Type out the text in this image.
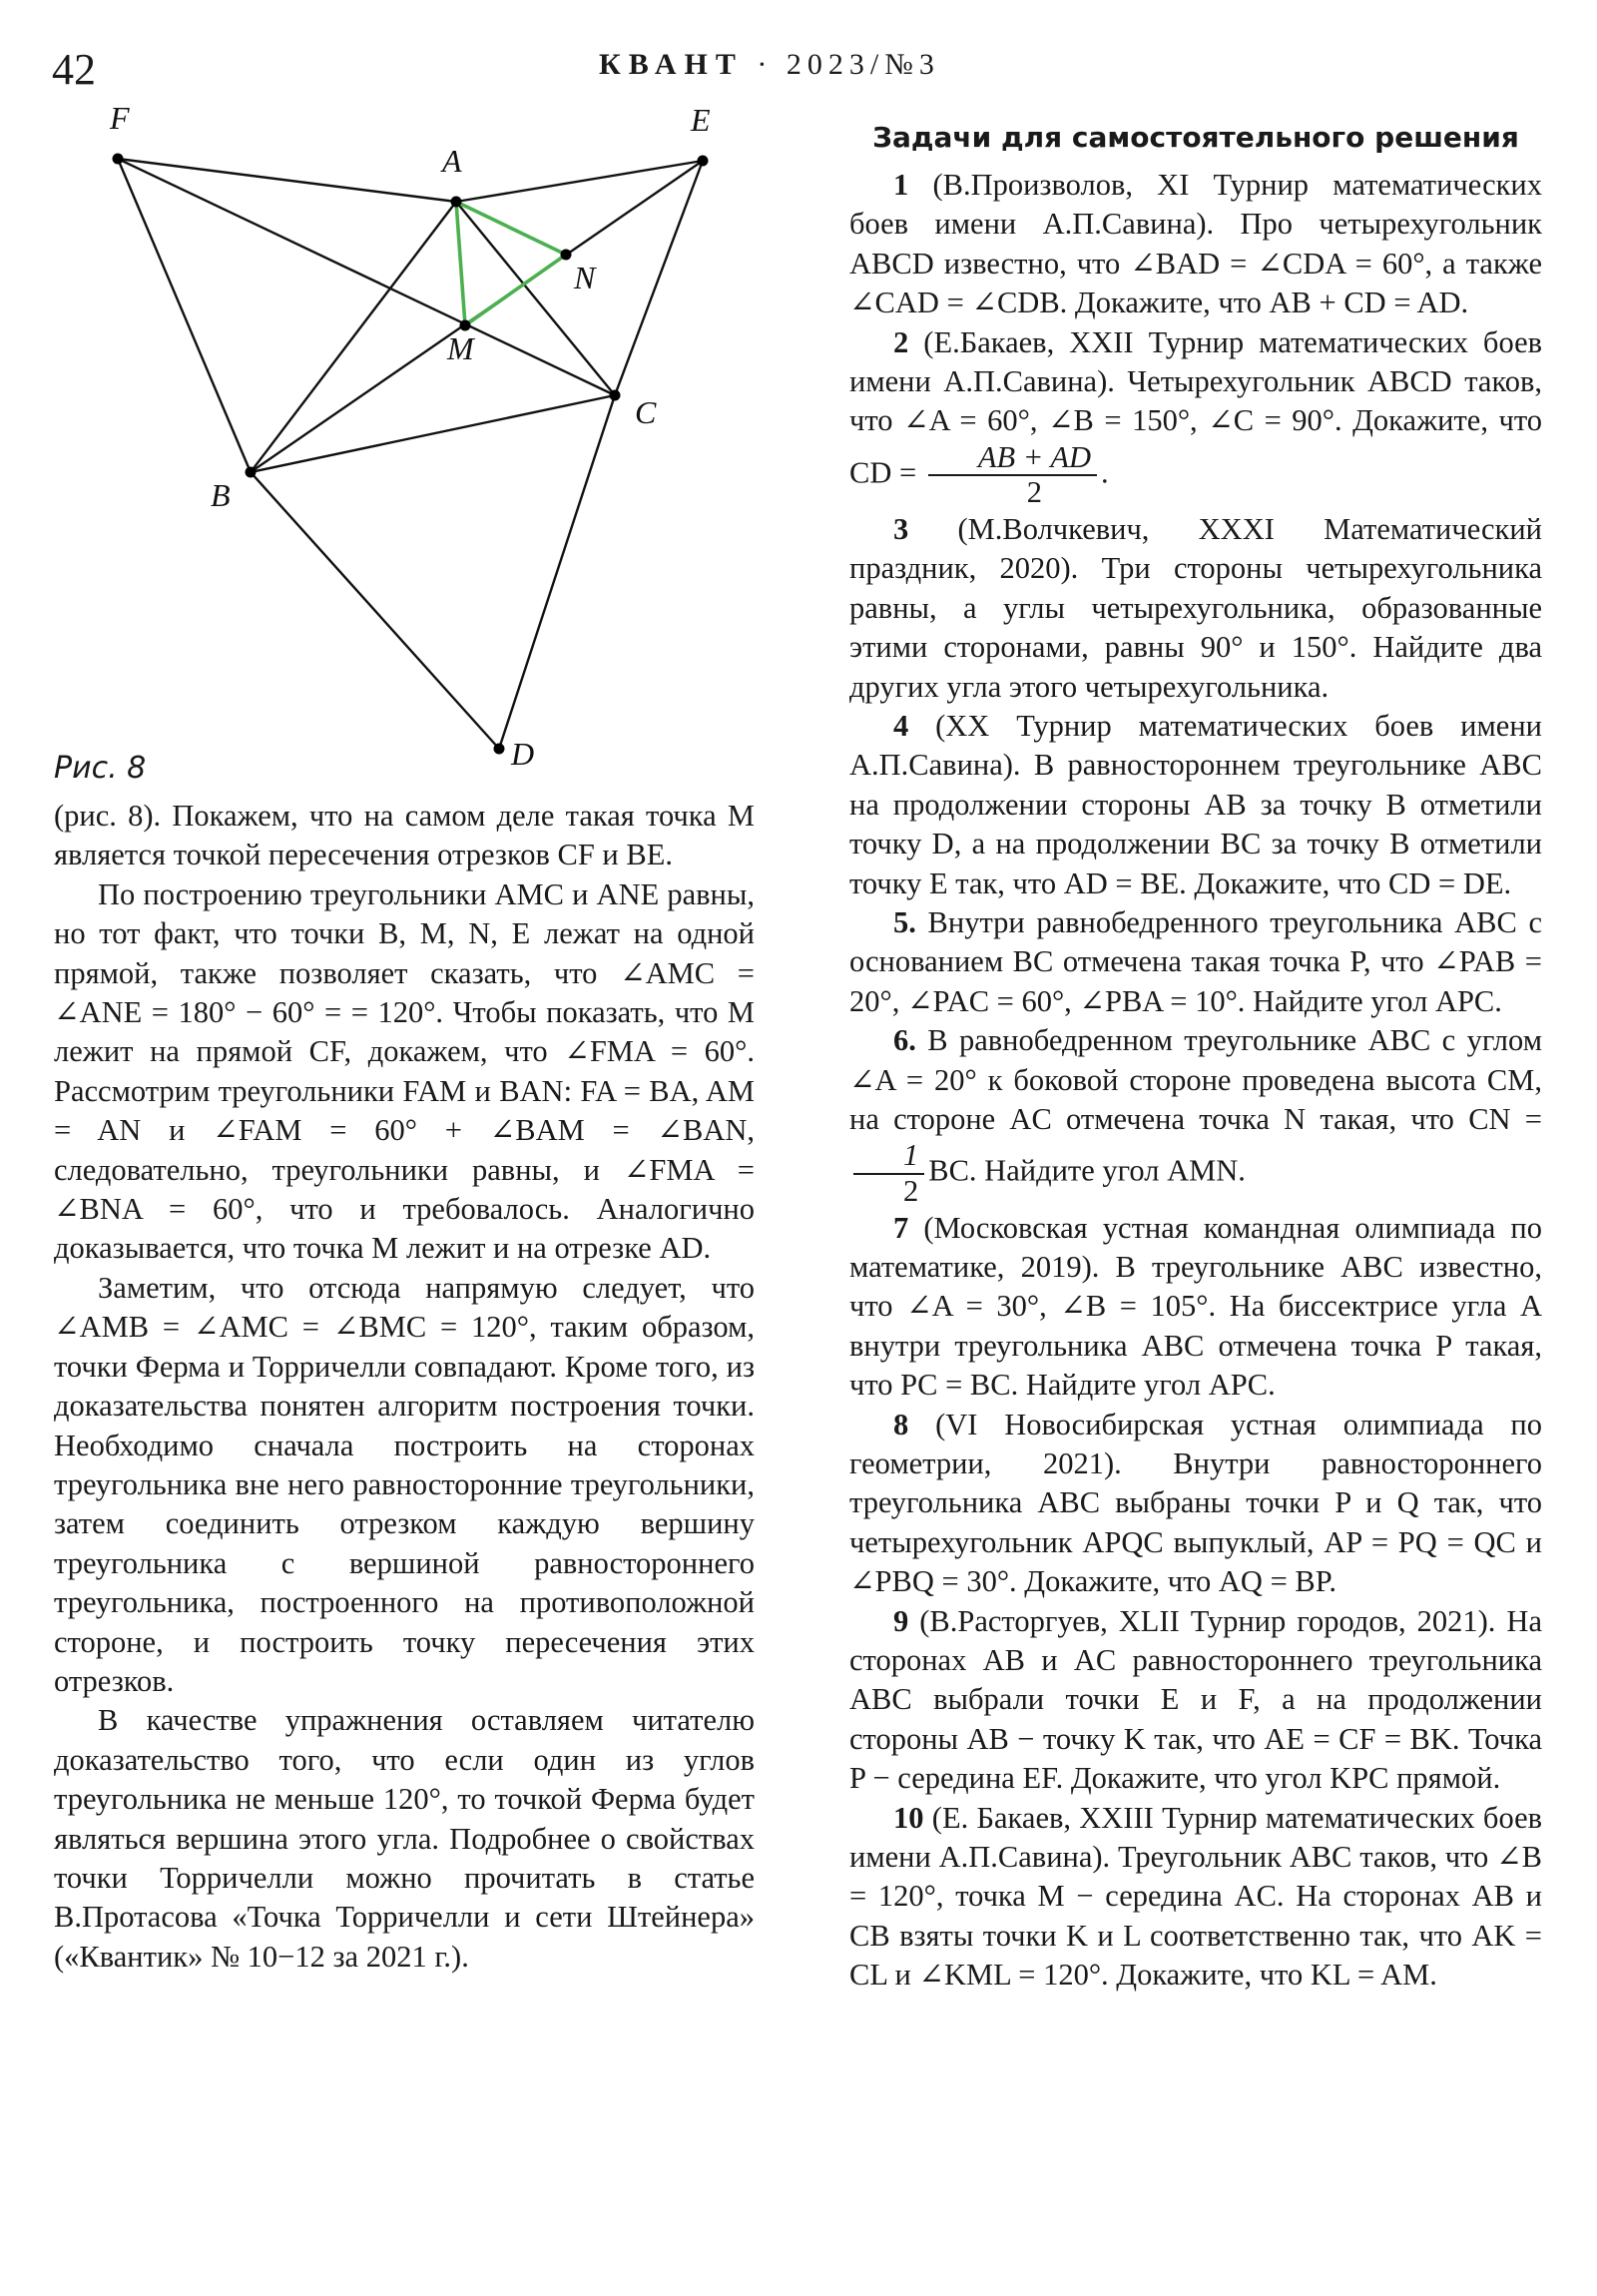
42	КВАНТ · 2023/№3
F	E
A
N
M
C
B
D
Рис. 8

(рис. 8). Покажем, что на самом деле такая точка M является точкой пересечения отрезков CF и BE.

По построению треугольники AMC и ANE равны, но тот факт, что точки B, M, N, E лежат на одной прямой, также позволяет сказать, что ∠AMC = ∠ANE = 180° − 60° = = 120°. Чтобы показать, что M лежит на прямой CF, докажем, что ∠FMA = 60°. Рассмотрим треугольники FAM и BAN: FA = BA, AM = AN и ∠FAM = 60° + ∠BAM = ∠BAN, следовательно, треугольники равны, и ∠FMA = ∠BNA = 60°, что и требовалось. Аналогично доказывается, что точка M лежит и на отрезке AD.

Заметим, что отсюда напрямую следует, что ∠AMB = ∠AMC = ∠BMC = 120°, таким образом, точки Ферма и Торричелли совпадают. Кроме того, из доказательства понятен алгоритм построения точки. Необходимо сначала построить на сторонах треугольника вне него равносторонние треугольники, затем соединить отрезком каждую вершину треугольника с вершиной равностороннего треугольника, построенного на противоположной стороне, и построить точку пересечения этих отрезков.

В качестве упражнения оставляем читателю доказательство того, что если один из углов треугольника не меньше 120°, то точкой Ферма будет являться вершина этого угла. Подробнее о свойствах точки Торричелли можно прочитать в статье В.Протасова «Точка Торричелли и сети Штейнера» («Квантик» № 10−12 за 2021 г.).

Задачи для самостоятельного решения

1 (В.Произволов, XI Турнир математических боев имени А.П.Савина). Про четырехугольник ABCD известно, что ∠BAD = ∠CDA = 60°, а также ∠CAD = ∠CDB. Докажите, что AB + CD = AD.

2 (Е.Бакаев, XXII Турнир математических боев имени А.П.Савина). Четырехугольник ABCD таков, что ∠A = 60°, ∠B = 150°, ∠C = 90°. Докажите, что CD = $\frac{AB + AD}{2}$ .

3 (М.Волчкевич, XXXI Математический праздник, 2020). Три стороны четырехугольника равны, а углы четырехугольника, образованные этими сторонами, равны 90° и 150°. Найдите два других угла этого четырехугольника.

4 (XX Турнир математических боев имени А.П.Савина). В равностороннем треугольнике ABC на продолжении стороны AB за точку B отметили точку D, а на продолжении BC за точку B отметили точку E так, что AD = BE. Докажите, что CD = DE.

5. Внутри равнобедренного треугольника ABC с основанием BC отмечена такая точка P, что ∠PAB = 20°, ∠PAC = 60°, ∠PBA = 10°. Найдите угол APC.

6. В равнобедренном треугольнике ABC с углом ∠A = 20° к боковой стороне проведена высота CM, на стороне AC отмечена точка N такая, что CN =
$\frac{1}{2}$ BC. Найдите угол AMN.

7 (Московская устная командная олимпиада по математике, 2019). В треугольнике ABC известно, что ∠A = 30°, ∠B = 105°. На биссектрисе угла A внутри треугольника ABC отмечена точка P такая, что PC = BC. Найдите угол APC.

8 (VI Новосибирская устная олимпиада по геометрии, 2021). Внутри равностороннего треугольника ABC выбраны точки P и Q так, что четырехугольник APQC выпуклый, AP = PQ = QC и ∠PBQ = 30°. Докажите, что AQ = BP.

9 (В.Расторгуев, XLII Турнир городов, 2021). На сторонах AB и AC равностороннего треугольника ABC выбрали точки E и F, а на продолжении стороны AB − точку K так, что AE = CF = BK. Точка P − середина EF. Докажите, что угол KPC прямой.

10 (Е. Бакаев, XXIII Турнир математических боев имени А.П.Савина). Треугольник ABC таков, что ∠B = 120°, точка M − середина AC. На сторонах AB и CB взяты точки K и L соответственно так, что AK = CL и ∠KML = 120°. Докажите, что KL = AM.
